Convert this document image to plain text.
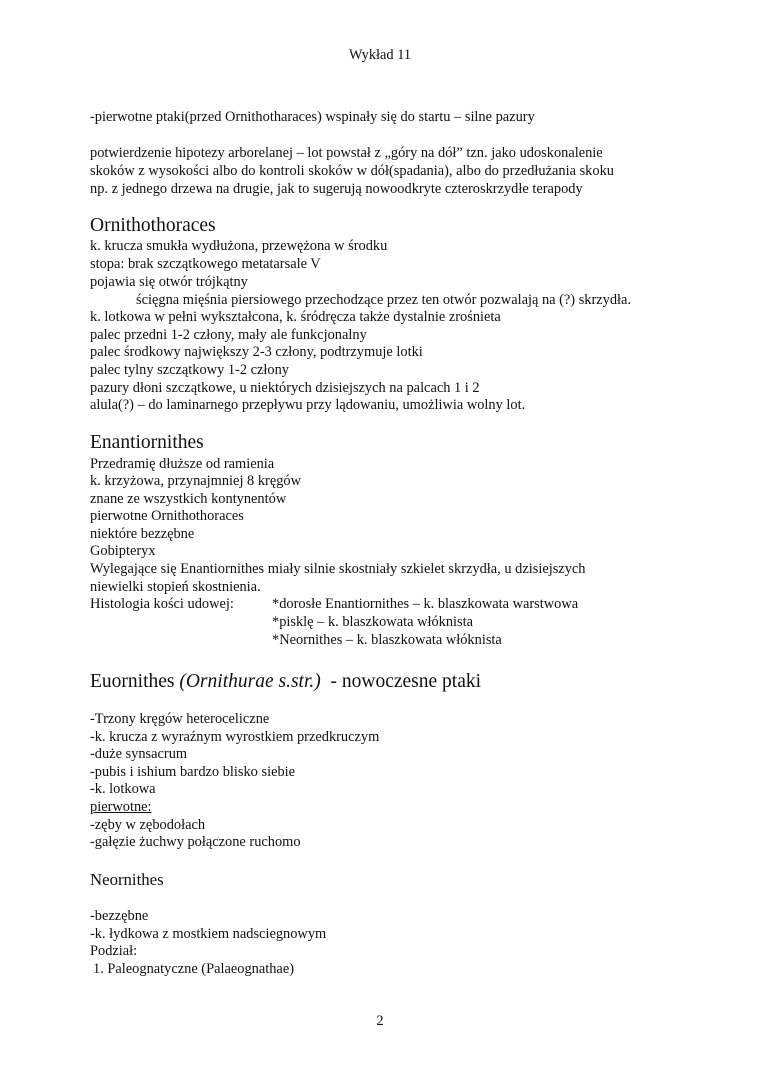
Wykład 11
-pierwotne ptaki(przed Ornithotharaces) wspinały się do startu – silne pazury
potwierdzenie hipotezy arborelanej – lot powstał z „góry na dół” tzn. jako udoskonalenie
skoków z wysokości albo do kontroli skoków w dół(spadania), albo do przedłużania skoku
np. z jednego drzewa na drugie, jak to sugerują nowoodkryte czteroskrzydłe terapody
Ornithothoraces
k. krucza smukła wydłużona, przewężona w środku
stopa: brak szczątkowego metatarsale V
pojawia się otwór trójkątny
ścięgna mięśnia piersiowego przechodzące przez ten otwór pozwalają na (?) skrzydła.
k. lotkowa w pełni wykształcona, k. śródręcza także dystalnie zrośnieta
palec przedni 1-2 człony, mały ale funkcjonalny
palec środkowy największy 2-3 człony, podtrzymuje lotki
palec tylny szczątkowy 1-2 człony
pazury dłoni szczątkowe, u niektórych dzisiejszych na palcach 1 i 2
alula(?) – do laminarnego przepływu przy lądowaniu, umożliwia wolny lot.
Enantiornithes
Przedramię dłuższe od ramienia
k. krzyżowa, przynajmniej 8 kręgów
znane ze wszystkich kontynentów
pierwotne Ornithothoraces
niektóre bezzębne
Gobipteryx
Wylegające się Enantiornithes miały silnie skostniały szkielet skrzydła, u dzisiejszych
niewielki stopień skostnienia.
Histologia kości udowej:	*dorosłe Enantiornithes – k. blaszkowata warstwowa
*pisklę – k. blaszkowata włóknista
*Neornithes – k. blaszkowata włóknista
Euornithes (Ornithurae s.str.)  - nowoczesne ptaki
-Trzony kręgów heteroceliczne
-k. krucza z wyraźnym wyrostkiem przedkruczym
-duże synsacrum
-pubis i ishium bardzo blisko siebie
-k. lotkowa
pierwotne:
-zęby w zębodołach
-gałęzie żuchwy połączone ruchomo
Neornithes
-bezzębne
-k. łydkowa z mostkiem nadsciegnowym
Podział:
1. Paleognatyczne (Palaeognathae)
2
